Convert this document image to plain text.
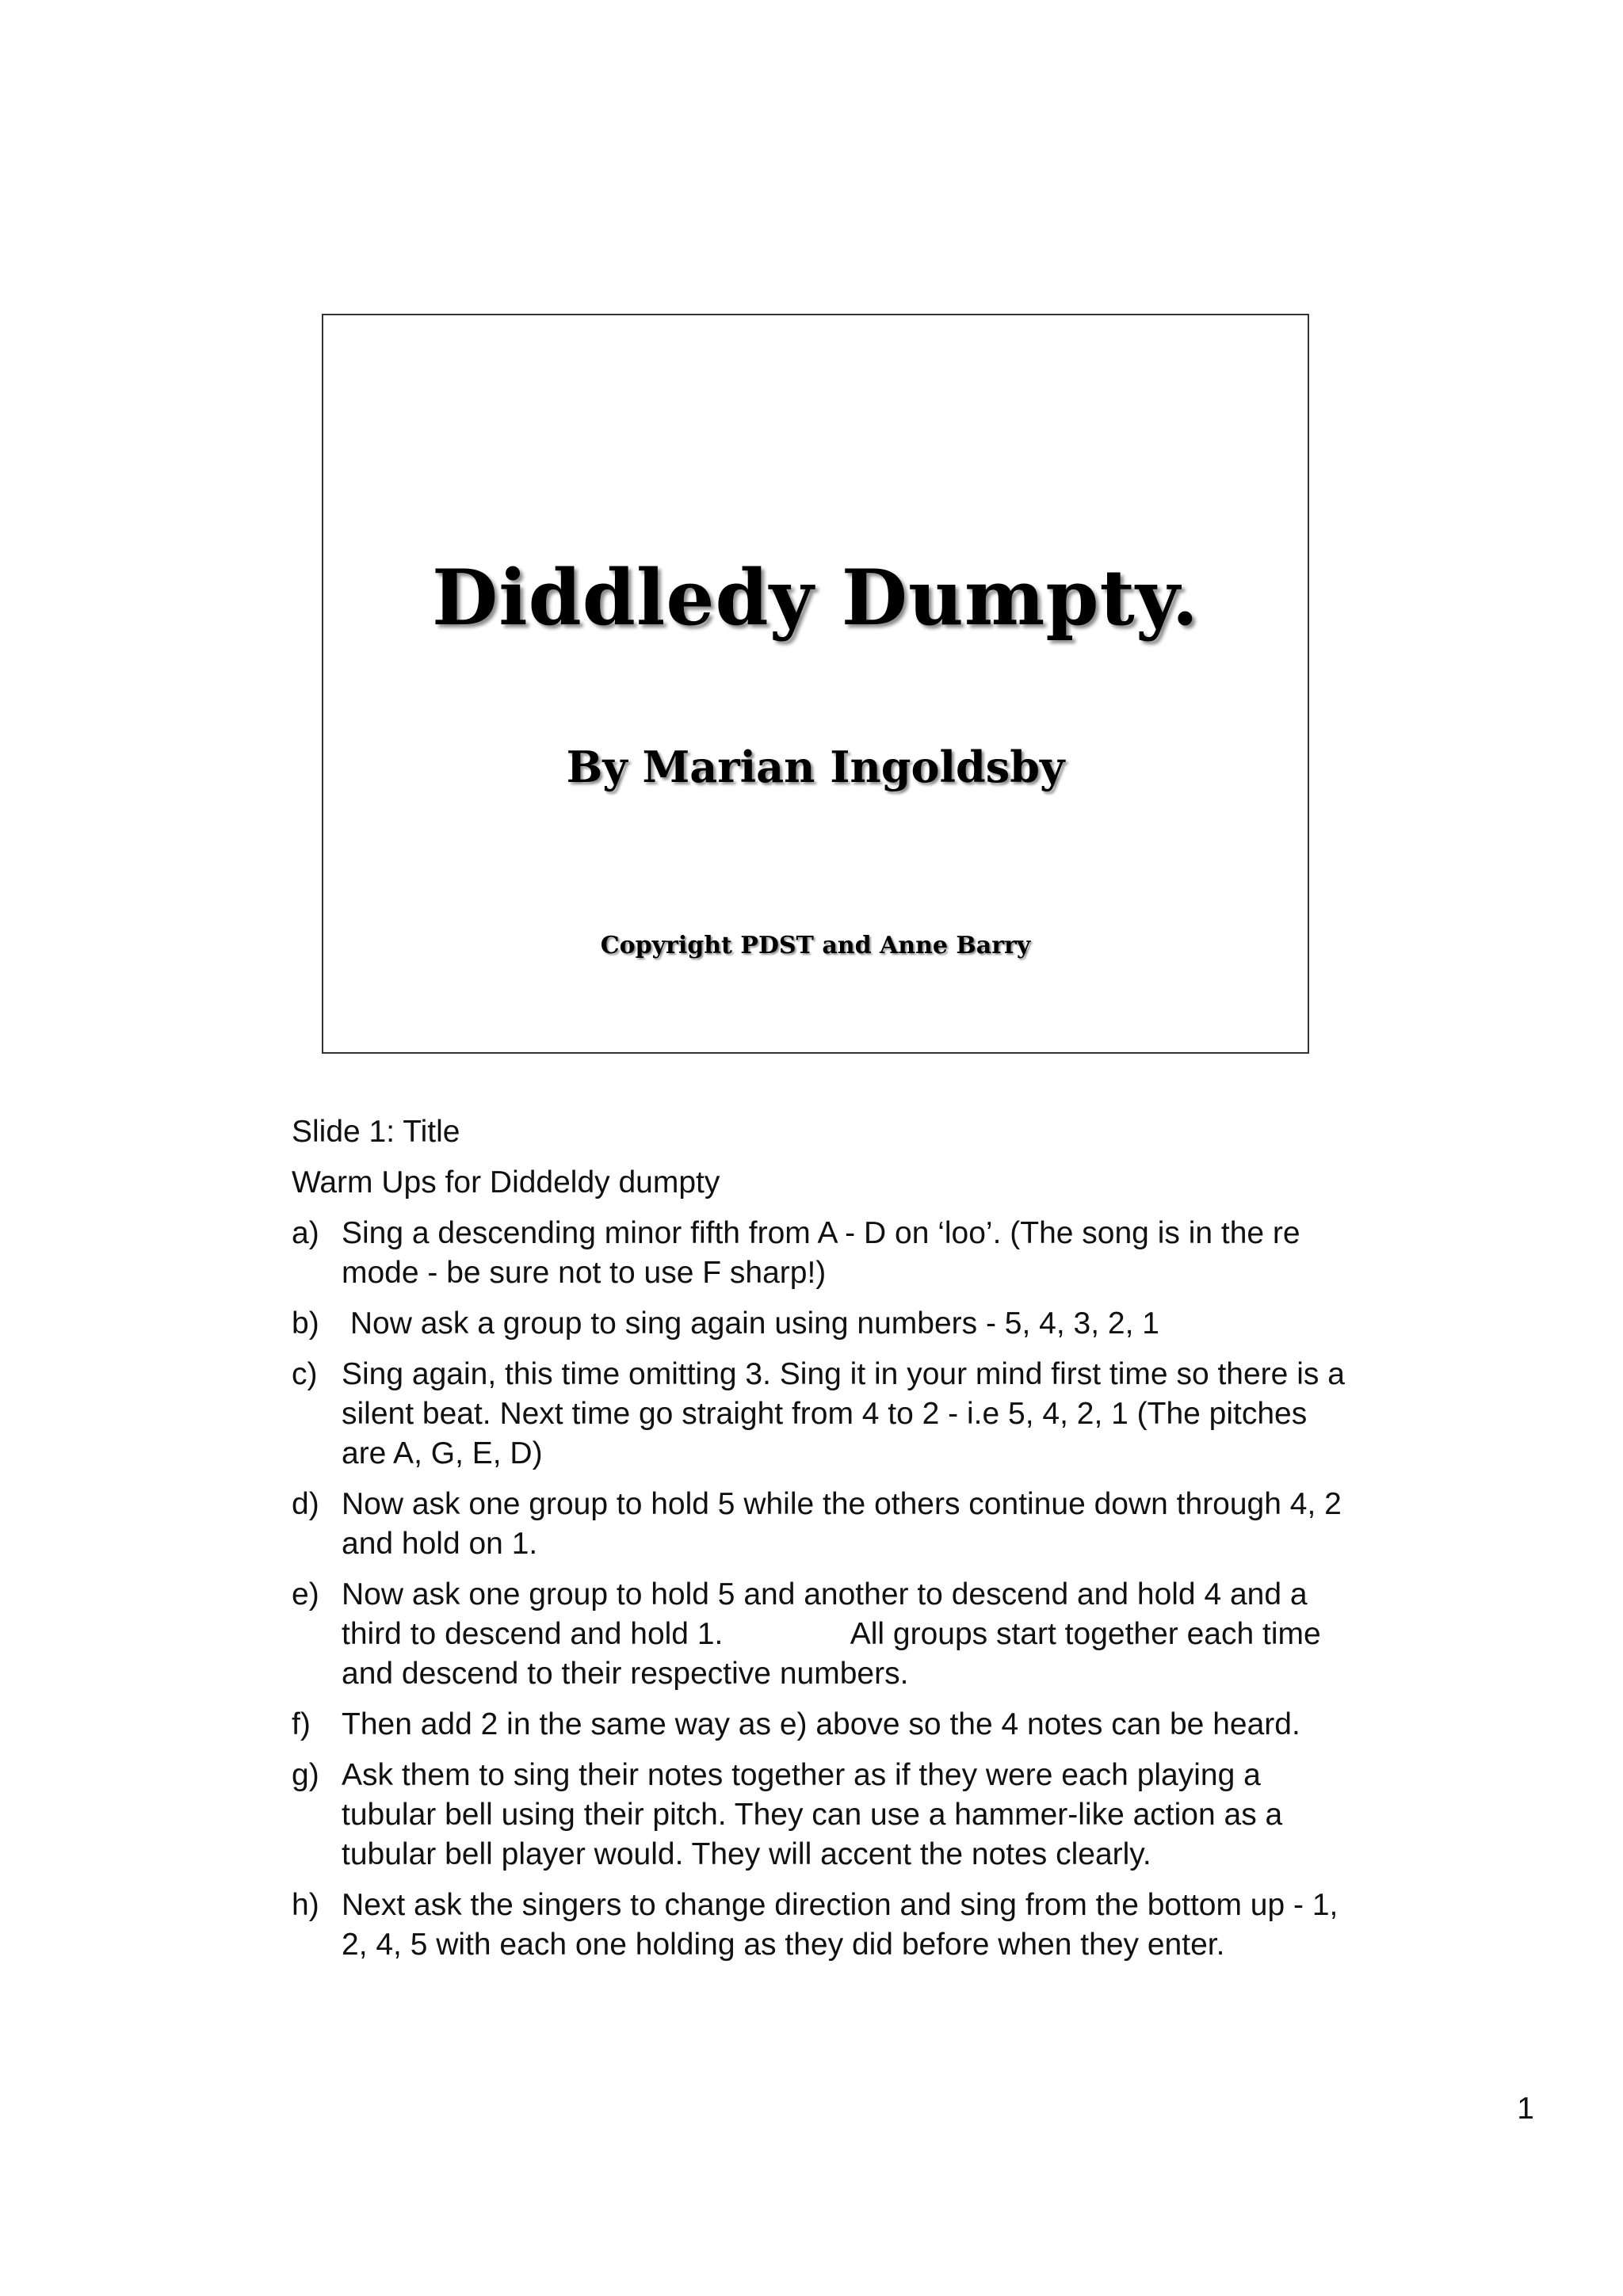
Diddledy Dumpty.
By Marian Ingoldsby
Copyright PDST and Anne Barry
Slide 1: Title
Warm Ups for Diddeldy dumpty
a) Sing a descending minor fifth from A - D on ‘loo’. (The song is in the re mode - be sure not to use F sharp!)
b) Now ask a group to sing again using numbers - 5, 4, 3, 2, 1
c) Sing again, this time omitting 3. Sing it in your mind first time so there is a silent beat. Next time go straight from 4 to 2 - i.e 5, 4, 2, 1 (The pitches are A, G, E, D)
d) Now ask one group to hold 5 while the others continue down through 4, 2 and hold on 1.
e) Now ask one group to hold 5 and another to descend and hold 4 and a third to descend and hold 1.               All groups start together each time and descend to their respective numbers.
f)	Then add 2 in the same way as e) above so the 4 notes can be heard.
g) Ask them to sing their notes together as if they were each playing a tubular bell using their pitch. They can use a hammer-like action as a tubular bell player would. They will accent the notes clearly.
h) Next ask the singers to change direction and sing from the bottom up - 1, 2, 4, 5 with each one holding as they did before when they enter.
1
